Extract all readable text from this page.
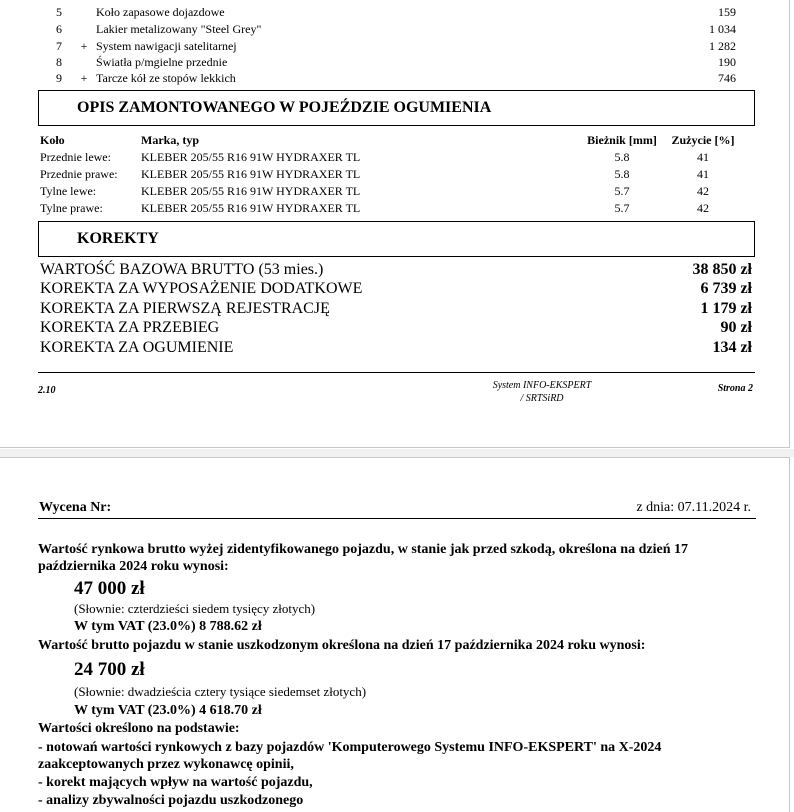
5	Koło zapasowe dojazdowe	159
6	Lakier metalizowany "Steel Grey"	1 034
7 + System nawigacji satelitarnej	1 282
8	Światła p/mgielne przednie	190
9 + Tarcze kół ze stopów lekkich	746
OPIS ZAMONTOWANEGO W POJEŹDZIE OGUMIENIA
Koło	Marka, typ	Bieżnik [mm]	Zużycie [%]
Przednie lewe:	KLEBER 205/55 R16 91W HYDRAXER TL	5.8	41
Przednie prawe: KLEBER 205/55 R16 91W HYDRAXER TL	5.8	41
Tylne lewe:	KLEBER 205/55 R16 91W HYDRAXER TL	5.7	42
Tylne prawe:	KLEBER 205/55 R16 91W HYDRAXER TL	5.7	42
KOREKTY
WARTOŚĆ BAZOWA BRUTTO (53 mies.)	38 850 zł
KOREKTA ZA WYPOSAŻENIE DODATKOWE	6 739 zł
KOREKTA ZA PIERWSZĄ REJESTRACJĘ	1 179 zł
KOREKTA ZA PRZEBIEG	90 zł
KOREKTA ZA OGUMIENIE	134 zł
2.10	System INFO-EKSPERT
/ SRTSiRD
Strona 2
Wycena Nr:	z dnia: 07.11.2024 r.
Wartość rynkowa brutto wyżej zidentyfikowanego pojazdu, w stanie jak przed szkodą, określona na dzień 17
października 2024 roku wynosi:
47 000 zł
(Słownie: czterdzieści siedem tysięcy złotych)
W tym VAT (23.0%) 8 788.62 zł
Wartość brutto pojazdu w stanie uszkodzonym określona na dzień 17 października 2024 roku wynosi:
24 700 zł
(Słownie: dwadzieścia cztery tysiące siedemset złotych)
W tym VAT (23.0%) 4 618.70 zł
Wartości określono na podstawie:
- notowań wartości rynkowych z bazy pojazdów 'Komputerowego Systemu INFO-EKSPERT' na X-2024
zaakceptowanych przez wykonawcę opinii,
- korekt mających wpływ na wartość pojazdu,
- analizy zbywalności pojazdu uszkodzonego
